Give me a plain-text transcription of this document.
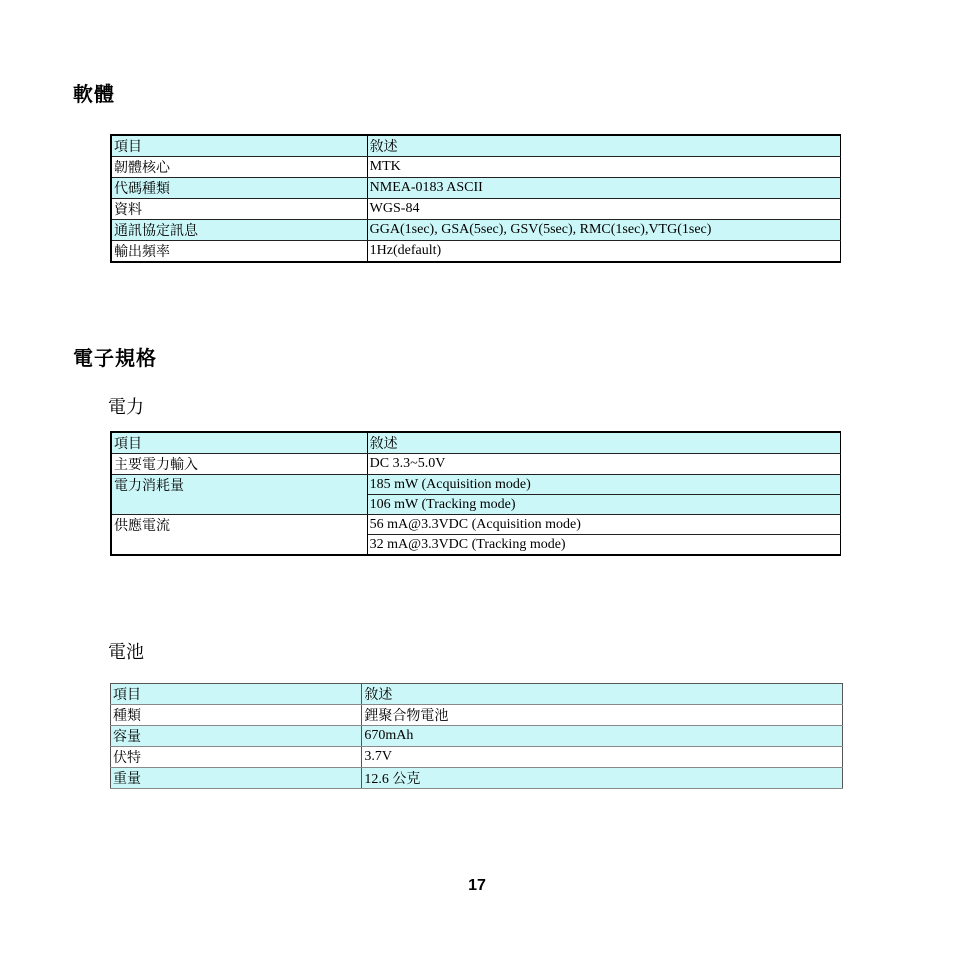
軟體
項目	敘述
韌體核心	MTK
代碼種類	NMEA-0183 ASCII
資料	WGS-84
通訊協定訊息	GGA(1sec), GSA(5sec), GSV(5sec), RMC(1sec),VTG(1sec)
輸出頻率	1Hz(default)
電子規格
電力
項目	敘述
主要電力輸入	DC 3.3~5.0V
電力消耗量	185 mW (Acquisition mode)
	106 mW (Tracking mode)
供應電流	56 mA@3.3VDC (Acquisition mode)
	32 mA@3.3VDC (Tracking mode)
電池
項目	敘述
種類	鋰聚合物電池
容量	670mAh
伏特	3.7V
重量	12.6 公克
17
